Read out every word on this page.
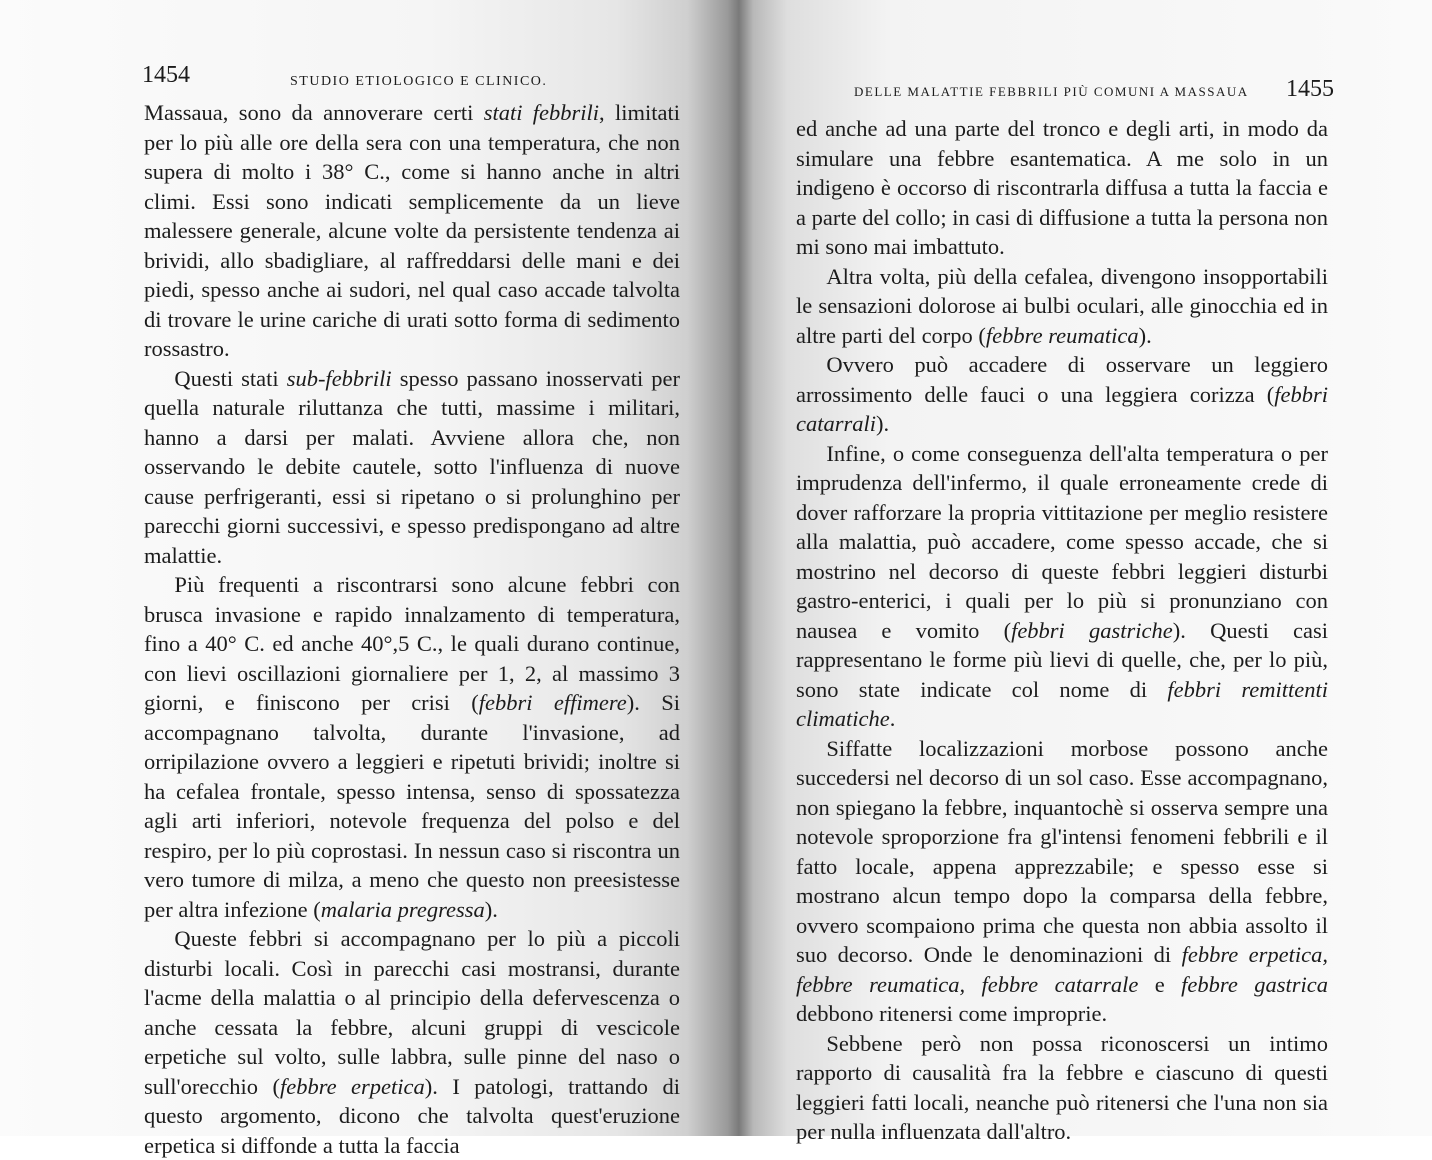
1454	STUDIO ETIOLOGICO E CLINICO.

Massaua, sono da annoverare certi stati febbrili, limitati per lo più alle ore della sera con una temperatura, che non supera di molto i 38° C., come si hanno anche in altri climi. Essi sono indicati semplicemente da un lieve malessere generale, alcune volte da persistente tendenza ai brividi, allo sbadigliare, al raffreddarsi delle mani e dei piedi, spesso anche ai sudori, nel qual caso accade talvolta di trovare le urine cariche di urati sotto forma di sedimento rossastro.

Questi stati sub-febbrili spesso passano inosservati per quella naturale riluttanza che tutti, massime i militari, hanno a darsi per malati. Avviene allora che, non osservando le debite cautele, sotto l'influenza di nuove cause perfrigeranti, essi si ripetano o si prolunghino per parecchi giorni successivi, e spesso predispongano ad altre malattie.

Più frequenti a riscontrarsi sono alcune febbri con brusca invasione e rapido innalzamento di temperatura, fino a 40° C. ed anche 40°,5 C., le quali durano continue, con lievi oscillazioni giornaliere per 1, 2, al massimo 3 giorni, e finiscono per crisi (febbri effimere). Si accompagnano talvolta, durante l'invasione, ad orripilazione ovvero a leggieri e ripetuti brividi; inoltre si ha cefalea frontale, spesso intensa, senso di spossatezza agli arti inferiori, notevole frequenza del polso e del respiro, per lo più coprostasi. In nessun caso si riscontra un vero tumore di milza, a meno che questo non preesistesse per altra infezione (malaria pregressa).

Queste febbri si accompagnano per lo più a piccoli disturbi locali. Così in parecchi casi mostransi, durante l'acme della malattia o al principio della defervescenza o anche cessata la febbre, alcuni gruppi di vescicole erpetiche sul volto, sulle labbra, sulle pinne del naso o sull'orecchio (febbre erpetica). I patologi, trattando di questo argomento, dicono che talvolta quest'eruzione erpetica si diffonde a tutta la faccia

DELLE MALATTIE FEBBRILI PIÙ COMUNI A MASSAUA 1455

ed anche ad una parte del tronco e degli arti, in modo da simulare una febbre esantematica. A me solo in un indigeno è occorso di riscontrarla diffusa a tutta la faccia e a parte del collo; in casi di diffusione a tutta la persona non mi sono mai imbattuto.

Altra volta, più della cefalea, divengono insopportabili le sensazioni dolorose ai bulbi oculari, alle ginocchia ed in altre parti del corpo (febbre reumatica).

Ovvero può accadere di osservare un leggiero arrossimento delle fauci o una leggiera corizza (febbri catarrali).

Infine, o come conseguenza dell'alta temperatura o per imprudenza dell'infermo, il quale erroneamente crede di dover rafforzare la propria vittitazione per meglio resistere alla malattia, può accadere, come spesso accade, che si mostrino nel decorso di queste febbri leggieri disturbi gastro-enterici, i quali per lo più si pronunziano con nausea e vomito (febbri gastriche). Questi casi rappresentano le forme più lievi di quelle, che, per lo più, sono state indicate col nome di febbri remittenti climatiche.

Siffatte localizzazioni morbose possono anche succedersi nel decorso di un sol caso. Esse accompagnano, non spiegano la febbre, inquantochè si osserva sempre una notevole sproporzione fra gl'intensi fenomeni febbrili e il fatto locale, appena apprezzabile; e spesso esse si mostrano alcun tempo dopo la comparsa della febbre, ovvero scompaiono prima che questa non abbia assolto il suo decorso. Onde le denominazioni di febbre erpetica, febbre reumatica, febbre catarrale e febbre gastrica debbono ritenersi come improprie.

Sebbene però non possa riconoscersi un intimo rapporto di causalità fra la febbre e ciascuno di questi leggieri fatti locali, neanche può ritenersi che l'una non sia per nulla influenzata dall'altro.
